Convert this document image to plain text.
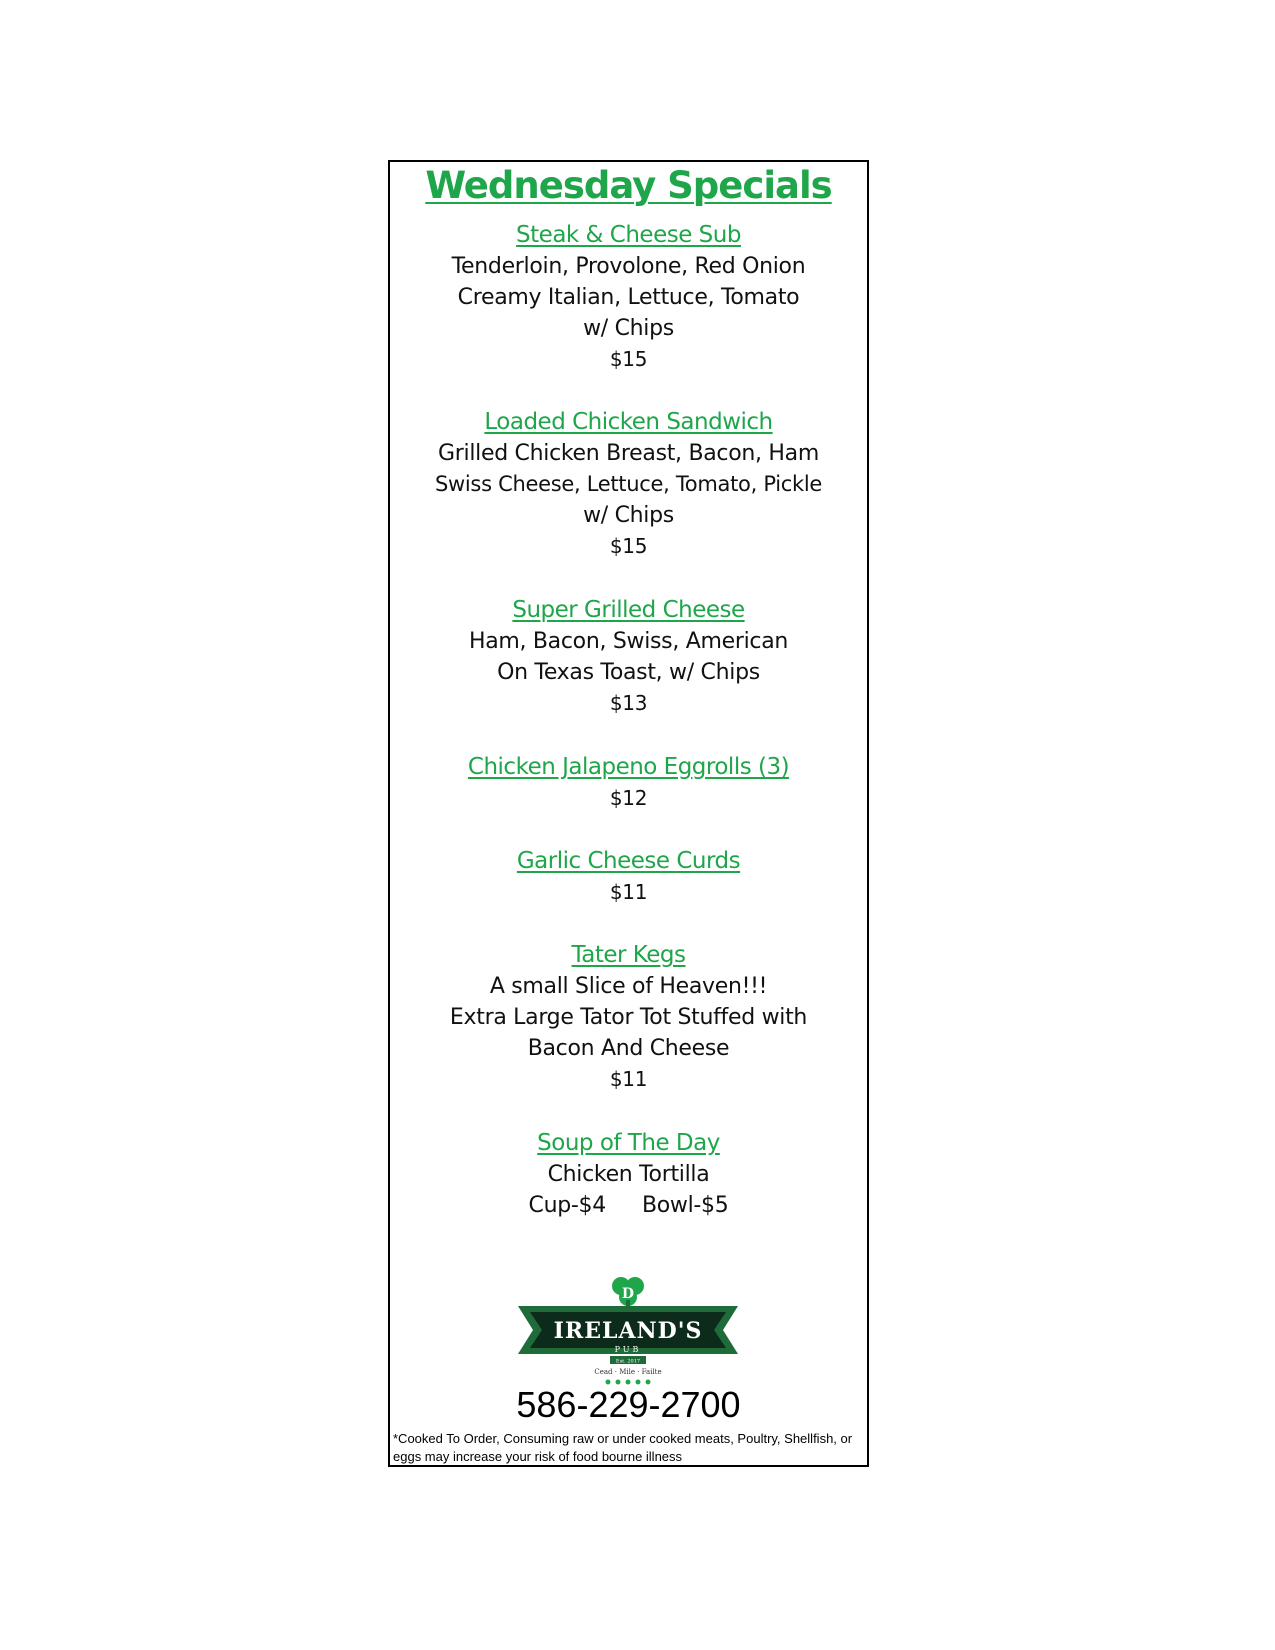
Wednesday Specials
Steak & Cheese Sub
Tenderloin, Provolone, Red Onion
Creamy Italian, Lettuce, Tomato
w/ Chips
$15
Loaded Chicken Sandwich
Grilled Chicken Breast, Bacon, Ham
Swiss Cheese, Lettuce, Tomato, Pickle
w/ Chips
$15
Super Grilled Cheese
Ham, Bacon, Swiss, American
On Texas Toast, w/ Chips
$13
Chicken Jalapeno Eggrolls (3)
$12
Garlic Cheese Curds
$11
Tater Kegs
A small Slice of Heaven!!!
Extra Large Tator Tot Stuffed with
Bacon And Cheese
$11
Soup of The Day
Chicken Tortilla
Cup-$4 Bowl-$5
D
IRELAND'S
PUB
Est. 2017
Cead · Mile · Failte
586-229-2700
*Cooked To Order, Consuming raw or under cooked meats, Poultry, Shellfish, or eggs may increase your risk of food bourne illness
